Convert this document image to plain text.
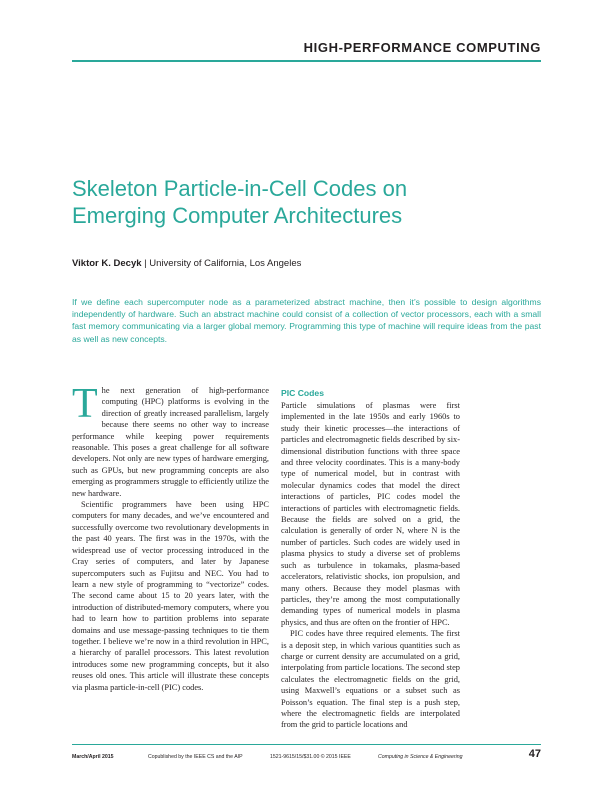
HIGH-PERFORMANCE COMPUTING
Skeleton Particle-in-Cell Codes on Emerging Computer Architectures
Viktor K. Decyk | University of California, Los Angeles
If we define each supercomputer node as a parameterized abstract machine, then it’s possible to design algorithms independently of hardware. Such an abstract machine could consist of a collection of vector processors, each with a small fast memory communicating via a larger global memory. Programming this type of machine will require ideas from the past as well as new concepts.

The next generation of high-performance computing (HPC) platforms is evolving in the direction of greatly increased parallelism, largely because there seems no other way to increase performance while keeping power requirements reasonable. This poses a great challenge for all software developers. Not only are new types of hardware emerging, such as GPUs, but new programming concepts are also emerging as programmers struggle to efficiently utilize the new hardware.

Scientific programmers have been using HPC computers for many decades, and we’ve encountered and successfully overcome two revolutionary developments in the past 40 years. The first was in the 1970s, with the widespread use of vector processing introduced in the Cray series of computers, and later by Japanese supercomputers such as Fujitsu and NEC. You had to learn a new style of programming to “vectorize” codes. The second came about 15 to 20 years later, with the introduction of distributed-memory computers, where you had to learn how to partition problems into separate domains and use message-passing techniques to tie them together. I believe we’re now in a third revolution in HPC, a hierarchy of parallel processors. This latest revolution introduces some new programming concepts, but it also reuses old ones. This article will illustrate these concepts via plasma particle-in-cell (PIC) codes.

PIC Codes

Particle simulations of plasmas were first implemented in the late 1950s and early 1960s to study their kinetic processes—the interactions of particles and electromagnetic fields described by six-dimensional distribution functions with three space and three velocity coordinates. This is a many-body type of numerical model, but in contrast with molecular dynamics codes that model the direct interactions of particles, PIC codes model the interactions of particles with electromagnetic fields. Because the fields are solved on a grid, the calculation is generally of order N, where N is the number of particles. Such codes are widely used in plasma physics to study a diverse set of problems such as turbulence in tokamaks, plasma-based accelerators, relativistic shocks, ion propulsion, and many others. Because they model plasmas with particles, they’re among the most computationally demanding types of numerical models in plasma physics, and thus are often on the frontier of HPC.

PIC codes have three required elements. The first is a deposit step, in which various quantities such as charge or current density are accumulated on a grid, interpolating from particle locations. The second step calculates the electromagnetic fields on the grid, using Maxwell’s equations or a subset such as Poisson’s equation. The final step is a push step, where the electromagnetic fields are interpolated from the grid to particle locations and

March/April 2015	Copublished by the IEEE CS and the AIP	1521-9615/15/$31.00 © 2015 IEEE	Computing in Science & Engineering	47
